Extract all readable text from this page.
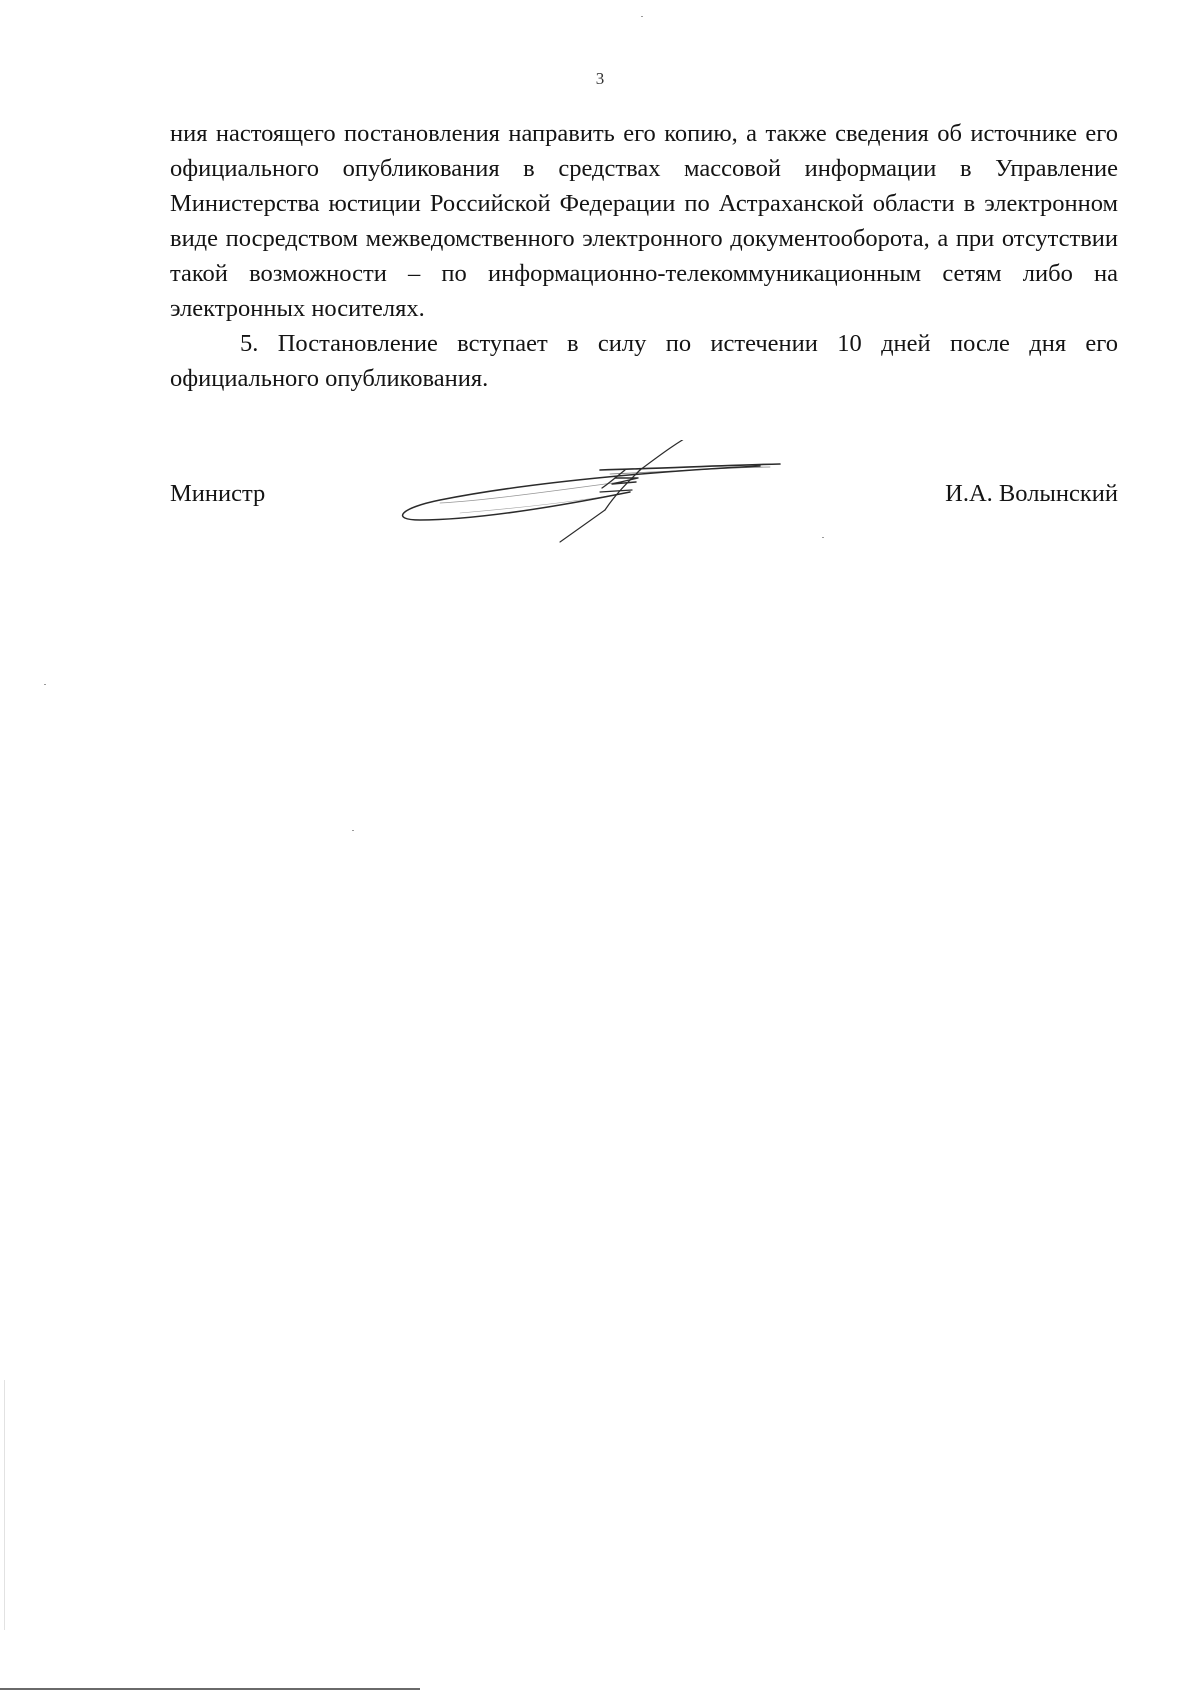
3

ния настоящего постановления направить его копию, а также сведения об источнике его официального опубликования в средствах массовой информации в Управление Министерства юстиции Российской Федерации по Астраханской области в электронном виде посредством межведомственного электронного документооборота, а при отсутствии такой возможности – по информационно-телекоммуникационным сетям либо на электронных носителях.

5. Постановление вступает в силу по истечении 10 дней после дня его официального опубликования.

Министр	И.А. Волынский
